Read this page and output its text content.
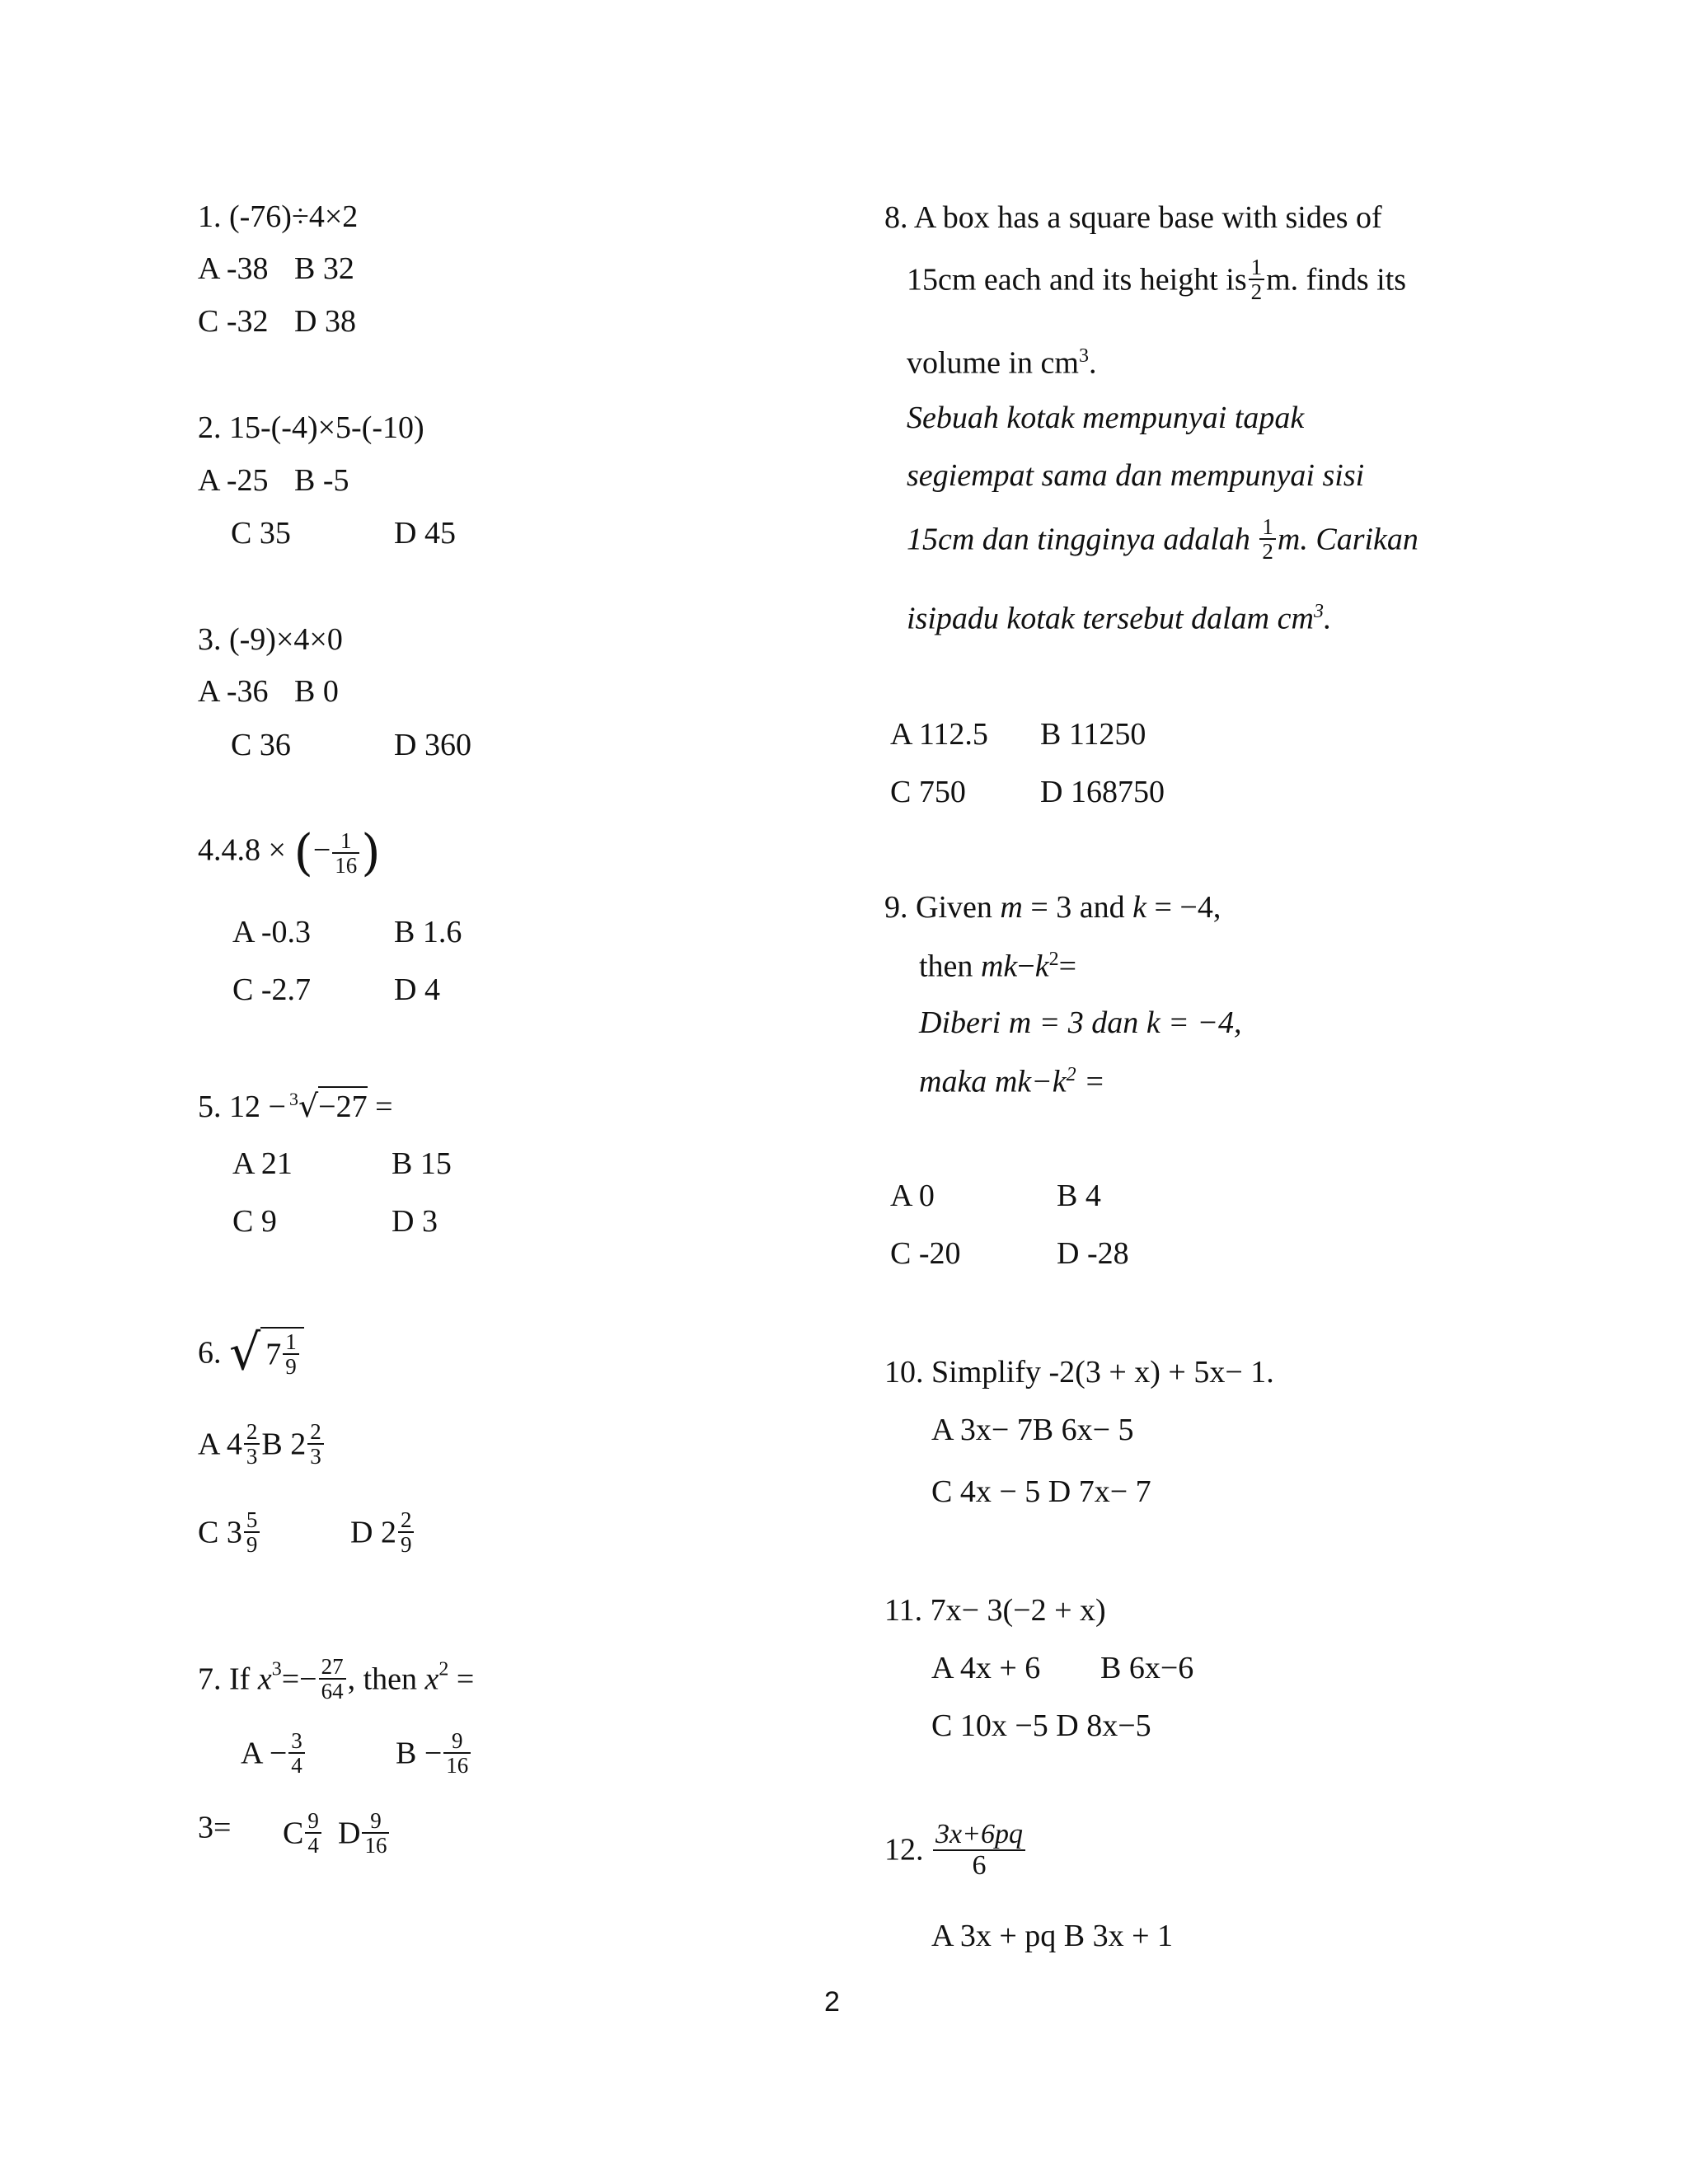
1. (-76)÷4×2
A -38 B 32
C -32 D 38
2. 15-(-4)×5-(-10)
A -25 B -5
C 35	D 45
3. (-9)×4×0
A -36 B 0
C 36	D 360
4.4.8 × (− $\frac{1}{16}$ )
A -0.3	B 1.6
C -2.7	D 4
5. 12 − $^3$√−27 =
A 21	B 15
C 9	D 3
6. √ $7 \frac{1}{9}$
A $4 \frac{2}{3}$ B $2 \frac{2}{3}$
C $3 \frac{5}{9}$	D $2 \frac{2}{9}$
7. If $x^3=- \frac{27}{64}$ , then $x^2$ =
$A - \frac{3}{4}$	$B - \frac{9}{16}$
3= C $\frac{9}{4}$ D $\frac{9}{16}$
8. A box has a square base with sides of
15cm each and its height is $\frac{1}{2} m$. finds its
volume in $cm^3$.
Sebuah kotak mempunyai tapak
segiempat sama dan mempunyai sisi
15cm dan tingginya adalah $\frac{1}{2} m$. Carikan
isipadu kotak tersebut dalam $cm^3$.
A 112.5 B 11250
C 750 D 168750
9. Given m = 3 and k = −4,
then $mk-k^2=$
Diberi m = 3 dan k = −4,
maka $mk-k^2$ =
A 0	B 4
C -20	D -28
10. Simplify -2(3 + x) + 5x− 1.
A 3x− 7B 6x− 5
C 4x − 5 D 7x− 7
11. 7x− 3(−2 + x)
A 4x + 6 B 6x−6
C 10x −5 D 8x−5
12. $\frac{3x+6pq}{6}$
A 3x + pq B 3x + 1
2
